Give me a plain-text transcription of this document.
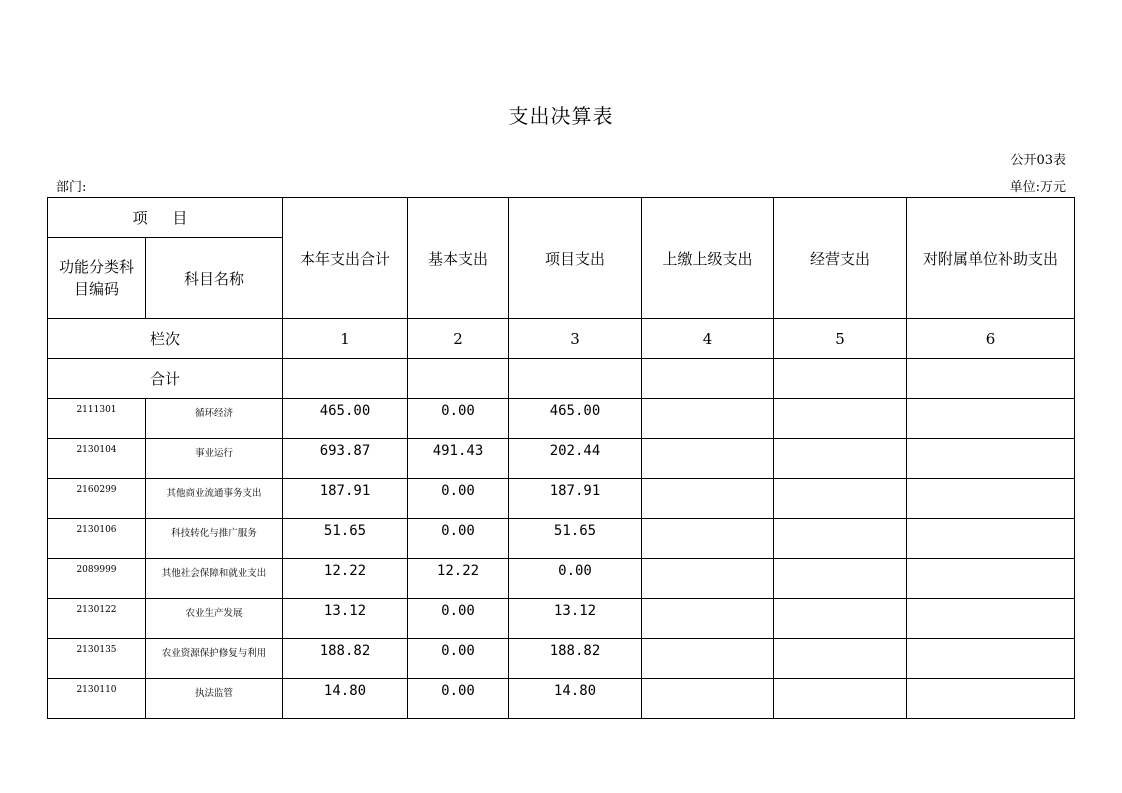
支出决算表
公开03表
部门:	单位:万元
项 目		本年支出合计	基本支出	项目支出	上缴上级支出	经营支出	对附属单位补助支出

功能分类科目编码	科目名称						
栏次		1	2	3	4	5	6
合计							
2111301	循环经济	465.00	0.00	465.00			
2130104	事业运行	693.87	491.43	202.44			
2160299	其他商业流通事务支出	187.91	0.00	187.91			
2130106	科技转化与推广服务	51.65	0.00	51.65			
2089999	其他社会保障和就业支出	12.22	12.22	0.00			
2130122	农业生产发展	13.12	0.00	13.12			
2130135	农业资源保护修复与利用	188.82	0.00	188.82			
2130110	执法监管	14.80	0.00	14.80			
